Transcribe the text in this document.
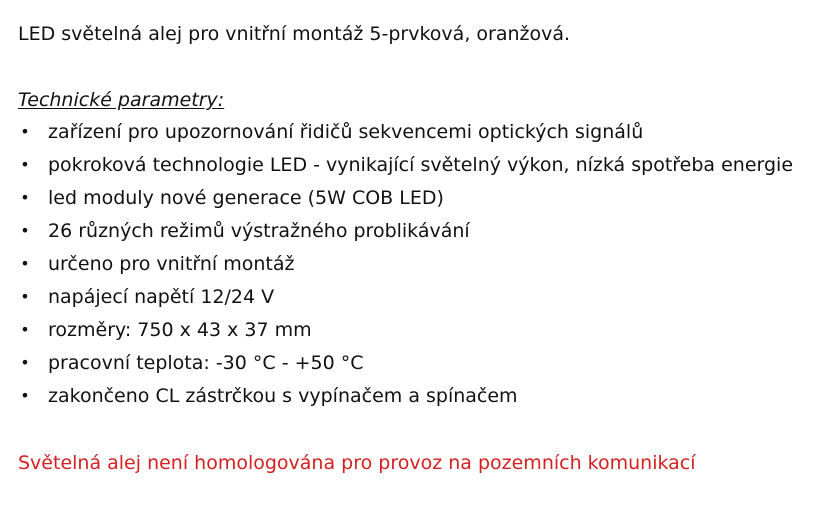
LED světelná alej pro vnitřní montáž 5-prvková, oranžová.
Technické parametry:
• zařízení pro upozornování řidičů sekvencemi optických signálů
• pokroková technologie LED - vynikající světelný výkon, nízká spotřeba energie
• led moduly nové generace (5W COB LED)
• 26 různých režimů výstražného problikávání
• určeno pro vnitřní montáž
• napájecí napětí 12/24 V
• rozměry: 750 x 43 x 37 mm
• pracovní teplota: -30 °C - +50 °C
• zakončeno CL zástrčkou s vypínačem a spínačem
Světelná alej není homologována pro provoz na pozemních komunikací
